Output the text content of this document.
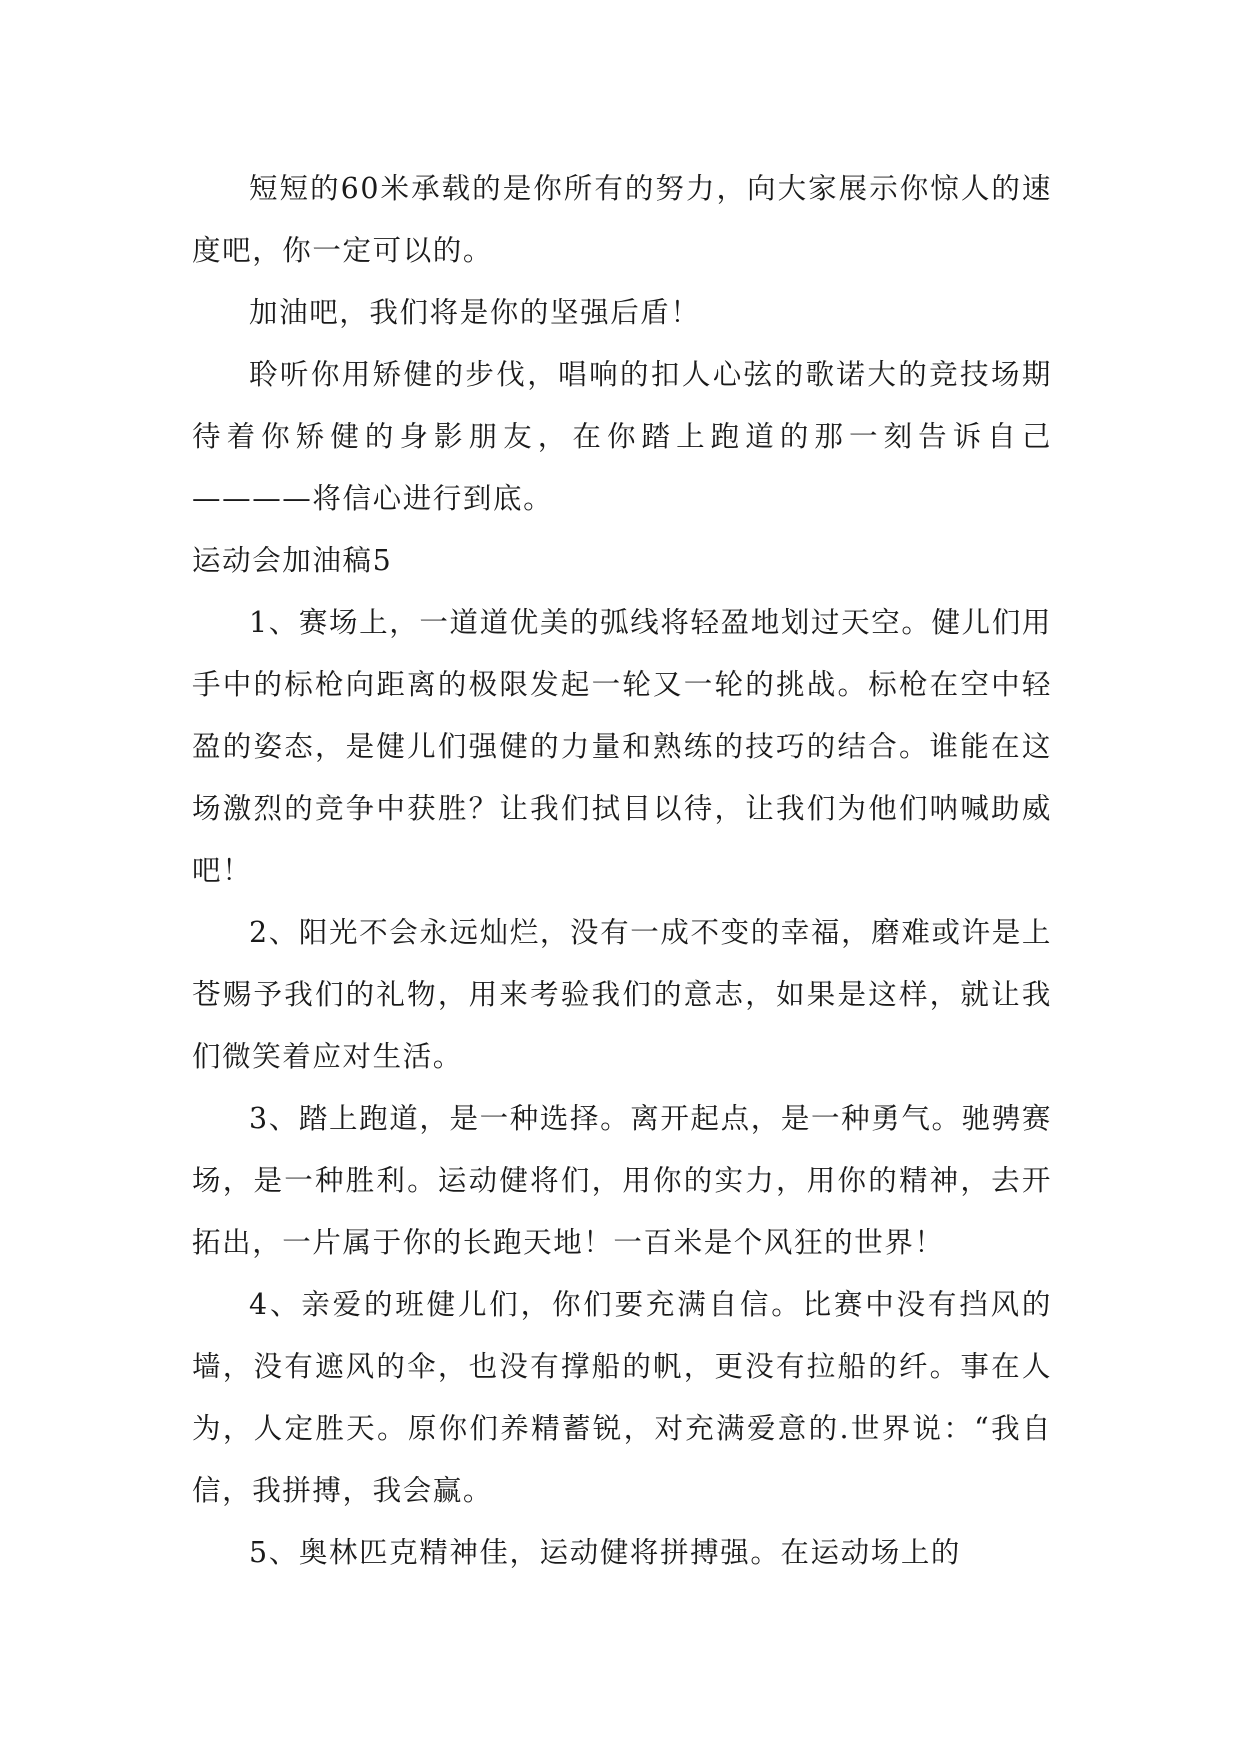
短短的60米承载的是你所有的努力，向大家展示你惊人的速度吧，你一定可以的。

加油吧，我们将是你的坚强后盾！

聆听你用矫健的步伐，唱响的扣人心弦的歌诺大的竞技场期待着你矫健的身影朋友，在你踏上跑道的那一刻告诉自己————将信心进行到底。

运动会加油稿5

1、赛场上，一道道优美的弧线将轻盈地划过天空。健儿们用手中的标枪向距离的极限发起一轮又一轮的挑战。标枪在空中轻盈的姿态，是健儿们强健的力量和熟练的技巧的结合。谁能在这场激烈的竞争中获胜？让我们拭目以待，让我们为他们呐喊助威吧！

2、阳光不会永远灿烂，没有一成不变的幸福，磨难或许是上苍赐予我们的礼物，用来考验我们的意志，如果是这样，就让我们微笑着应对生活。

3、踏上跑道，是一种选择。离开起点，是一种勇气。驰骋赛场，是一种胜利。运动健将们，用你的实力，用你的精神，去开拓出，一片属于你的长跑天地！一百米是个风狂的世界！

4、亲爱的班健儿们，你们要充满自信。比赛中没有挡风的墙，没有遮风的伞，也没有撑船的帆，更没有拉船的纤。事在人为，人定胜天。原你们养精蓄锐，对充满爱意的.世界说：“我自信，我拼搏，我会赢。

5、奥林匹克精神佳，运动健将拼搏强。在运动场上的
